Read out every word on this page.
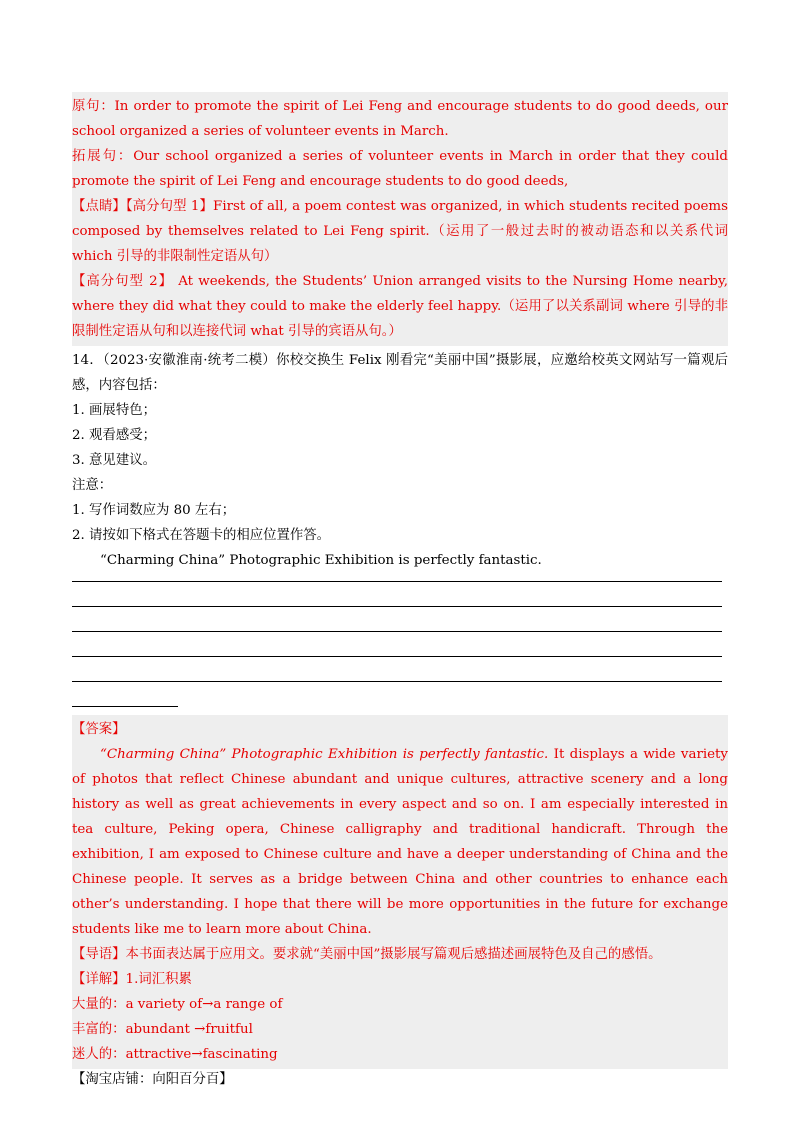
原句：In order to promote the spirit of Lei Feng and encourage students to do good deeds, our school organized a series of volunteer events in March.

拓展句：Our school organized a series of volunteer events in March in order that they could promote the spirit of Lei Feng and encourage students to do good deeds,

【点睛】【高分句型 1】First of all, a poem contest was organized, in which students recited poems composed by themselves related to Lei Feng spirit.（运用了一般过去时的被动语态和以关系代词 which 引导的非限制性定语从句）

【高分句型 2】 At weekends, the Students’ Union arranged visits to the Nursing Home nearby, where they did what they could to make the elderly feel happy.（运用了以关系副词 where 引导的非限制性定语从句和以连接代词 what 引导的宾语从句。）

14．（2023·安徽淮南·统考二模）你校交换生 Felix 刚看完“美丽中国”摄影展，应邀给校英文网站写一篇观后感，内容包括：

1. 画展特色；

2. 观看感受；

3. 意见建议。

注意：

1. 写作词数应为 80 左右；

2. 请按如下格式在答题卡的相应位置作答。

“Charming China” Photographic Exhibition is perfectly fantastic.

【答案】

“Charming China” Photographic Exhibition is perfectly fantastic. It displays a wide variety of photos that reflect Chinese abundant and unique cultures, attractive scenery and a long history as well as great achievements in every aspect and so on. I am especially interested in tea culture, Peking opera, Chinese calligraphy and traditional handicraft. Through the exhibition, I am exposed to Chinese culture and have a deeper understanding of China and the Chinese people. It serves as a bridge between China and other countries to enhance each other’s understanding. I hope that there will be more opportunities in the future for exchange students like me to learn more about China.

【导语】本书面表达属于应用文。要求就“美丽中国”摄影展写篇观后感描述画展特色及自己的感悟。

【详解】1.词汇积累

大量的：a variety of→a range of

丰富的：abundant →fruitful

迷人的：attractive→fascinating

【淘宝店铺：向阳百分百】
